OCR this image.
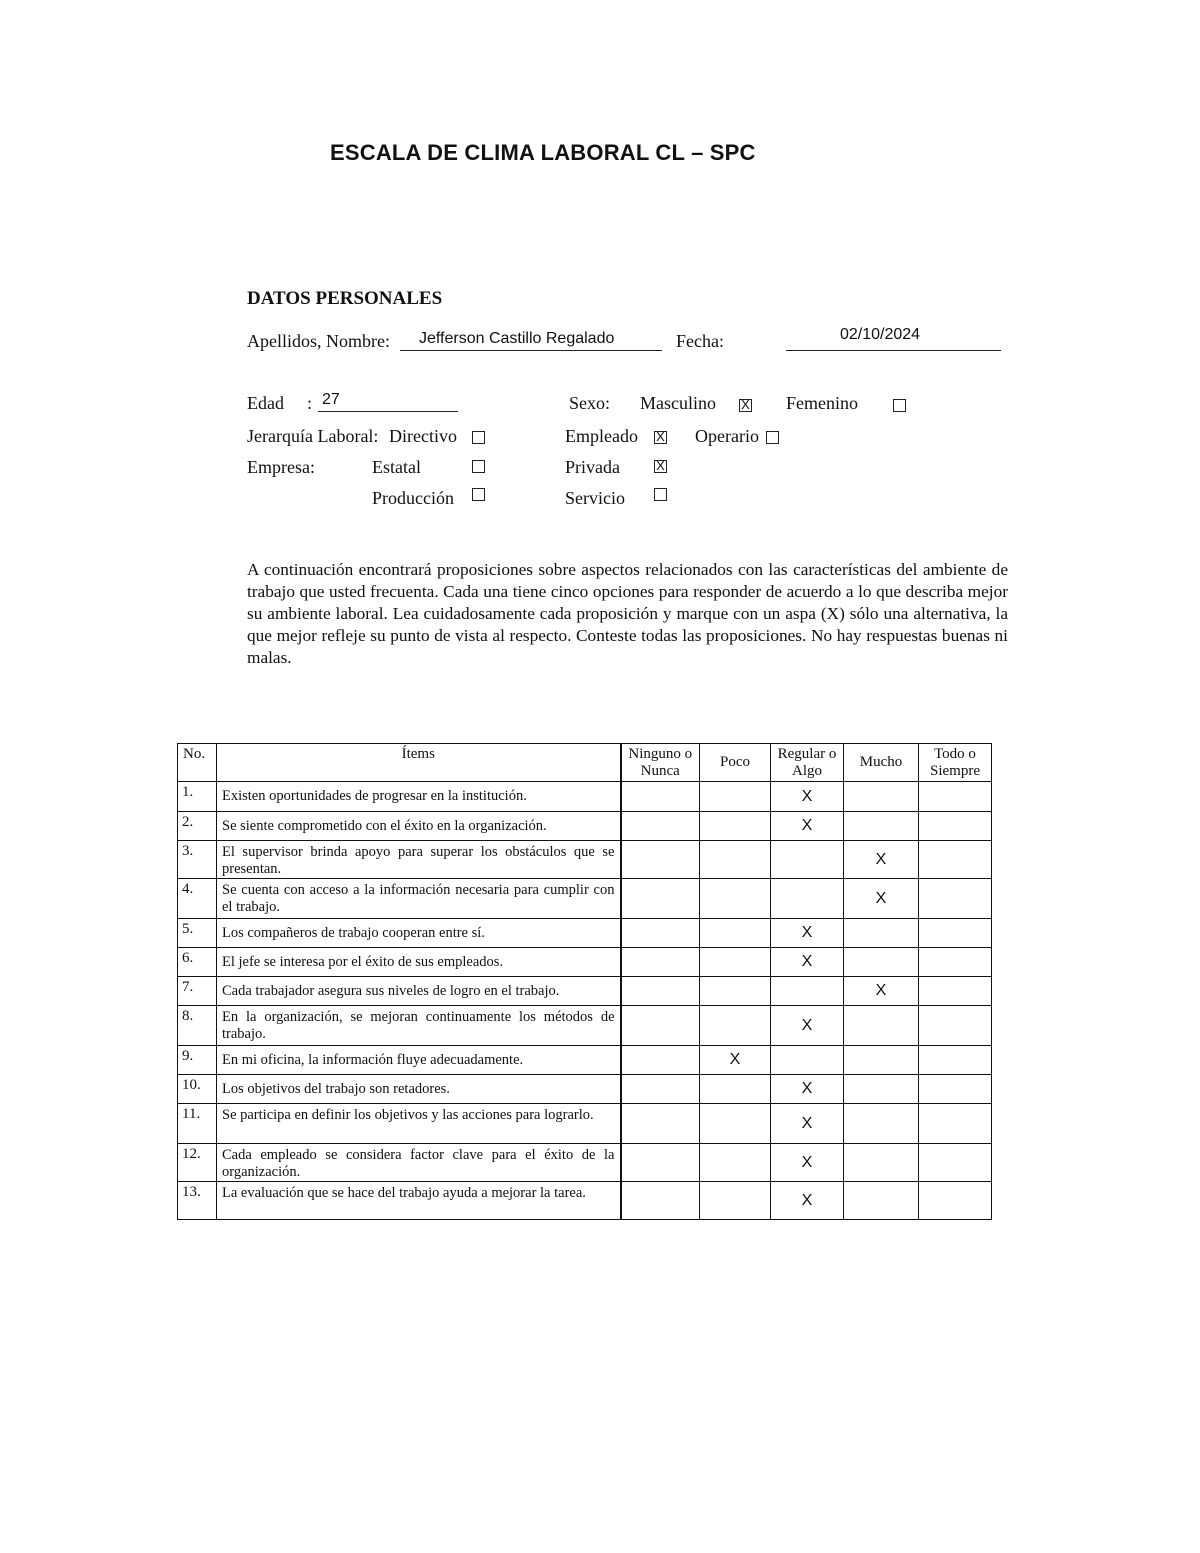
ESCALA DE CLIMA LABORAL CL – SPC
DATOS PERSONALES
Apellidos, Nombre: Jefferson Castillo Regalado	Fecha:	02/10/2024
Edad : 27	Sexo: Masculino X Femenino
Jerarquía Laboral: Directivo	Empleado X Operario
Empresa:	Estatal	Privada	X
Producción	Servicio
A continuación encontrará proposiciones sobre aspectos relacionados con las características del ambiente de trabajo que usted frecuenta. Cada una tiene cinco opciones para responder de acuerdo a lo que describa mejor su ambiente laboral. Lea cuidadosamente cada proposición y marque con un aspa (X) sólo una alternativa, la que mejor refleje su punto de vista al respecto. Conteste todas las proposiciones. No hay respuestas buenas ni malas.
No.	Ítems	Ninguno o Nunca	Poco	Regular o Algo	Mucho	Todo o Siempre
1.	Existen oportunidades de progresar en la institución.			X		
2.	Se siente comprometido con el éxito en la organización.			X		
3.	El supervisor brinda apoyo para superar los obstáculos que se presentan.				X	
4.	Se cuenta con acceso a la información necesaria para cumplir con el trabajo.				X	
5.	Los compañeros de trabajo cooperan entre sí.			X		
6.	El jefe se interesa por el éxito de sus empleados.			X		
7.	Cada trabajador asegura sus niveles de logro en el trabajo.				X	
8.	En la organización, se mejoran continuamente los métodos de trabajo.			X		
9.	En mi oficina, la información fluye adecuadamente.		X			
10.	Los objetivos del trabajo son retadores.			X		
11.	Se participa en definir los objetivos y las acciones para lograrlo.			X		
12.	Cada empleado se considera factor clave para el éxito de la organización.			X		
13.	La evaluación que se hace del trabajo ayuda a mejorar la tarea.			X		
